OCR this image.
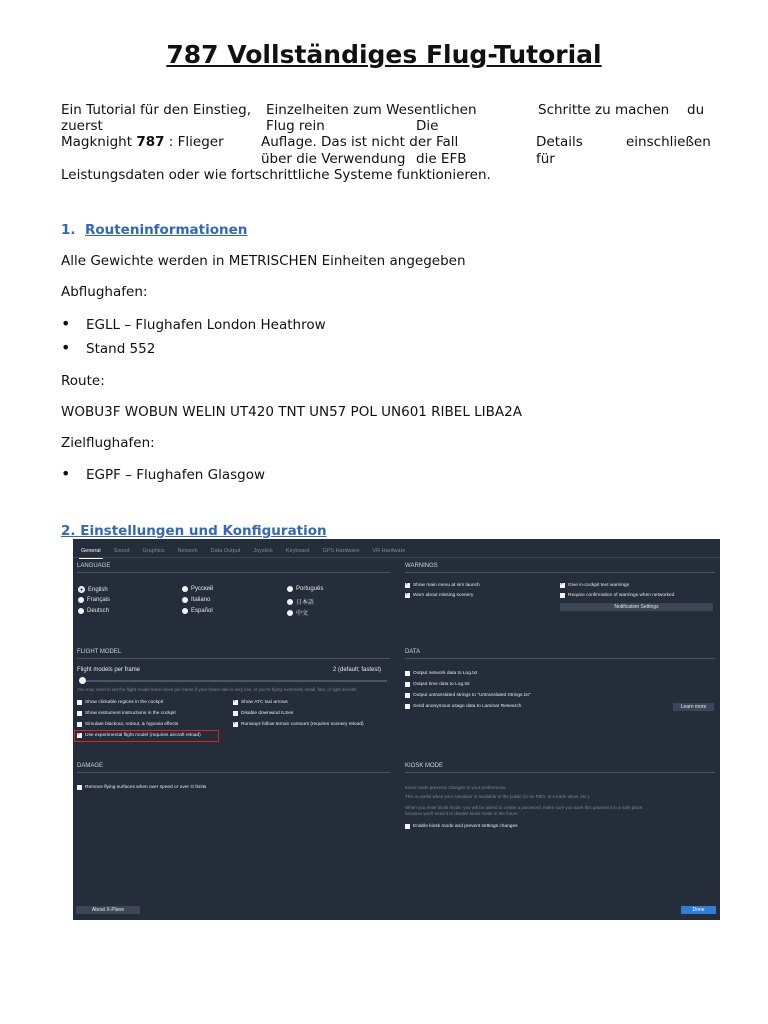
787 Vollständiges Flug-Tutorial
Ein Tutorial für den Einstieg,
zuerst
Magknight 787 : Flieger
Einzelheiten zum Wesentlichen
Flug rein	Die
Auflage. Das ist nicht der Fall
über die Verwendung die EFB
Schritte zu machen du
Details	einschließen
für
Leistungsdaten oder wie fortschrittliche Systeme funktionieren.
1. Routeninformationen

Alle Gewichte werden in METRISCHEN Einheiten angegeben

Abflughafen:

• EGLL – Flughafen London Heathrow
• Stand 552

Route:

WOBU3F WOBUN WELIN UT420 TNT UN57 POL UN601 RIBEL LIBA2A

Zielflughafen:

• EGPF – Flughafen Glasgow
2. Einstellungen und Konfiguration
General	Sound	Graphics	Network	Data Output	Joystick	Keyboard	GPS Hardware	VR Hardware
LANGUAGE
English
Français
Deutsch
Русский
Italiano
Español
Português
日本語
中文
WARNINGS
✓
Show main menu at sim launch
✓
Warn about missing scenery
✓
Give in-cockpit text warnings
Require confirmation of warnings when networked
Notification Settings
FLIGHT MODEL
Flight models per frame	2 (default; fastest)
You may need to set the flight model more times per frame if your frame rate is very low, or you're flying extremely small, fast, or light aircraft.
Show clickable regions in the cockpit
Show instrument instructions in the cockpit
Simulate blackout, redout, & hypoxia effects
✓
Use experimental flight model (requires aircraft reload)
✓
Show ATC taxi arrows
Disable downwind ILSes
✓
Runways follow terrain contours (requires scenery reload)
DATA
Output network data to Log.txt
Output time data to Log.txt
Output untranslated strings to "Untranslated Strings.txt"
Send anonymous usage data to Laminar Research	Learn more
DAMAGE
Remove flying surfaces when over speed or over G limits
KIOSK MODE
Kiosk mode prevents changes to your preferences.
This is useful when your simulator is available to the public (in an FBO, at a trade show, etc.).
When you enter kiosk mode, you will be asked to create a password. Make sure you save this password in a safe place,
because you'll need it to disable kiosk mode in the future.
Enable kiosk mode and prevent settings changes
About X-Plane	Done
